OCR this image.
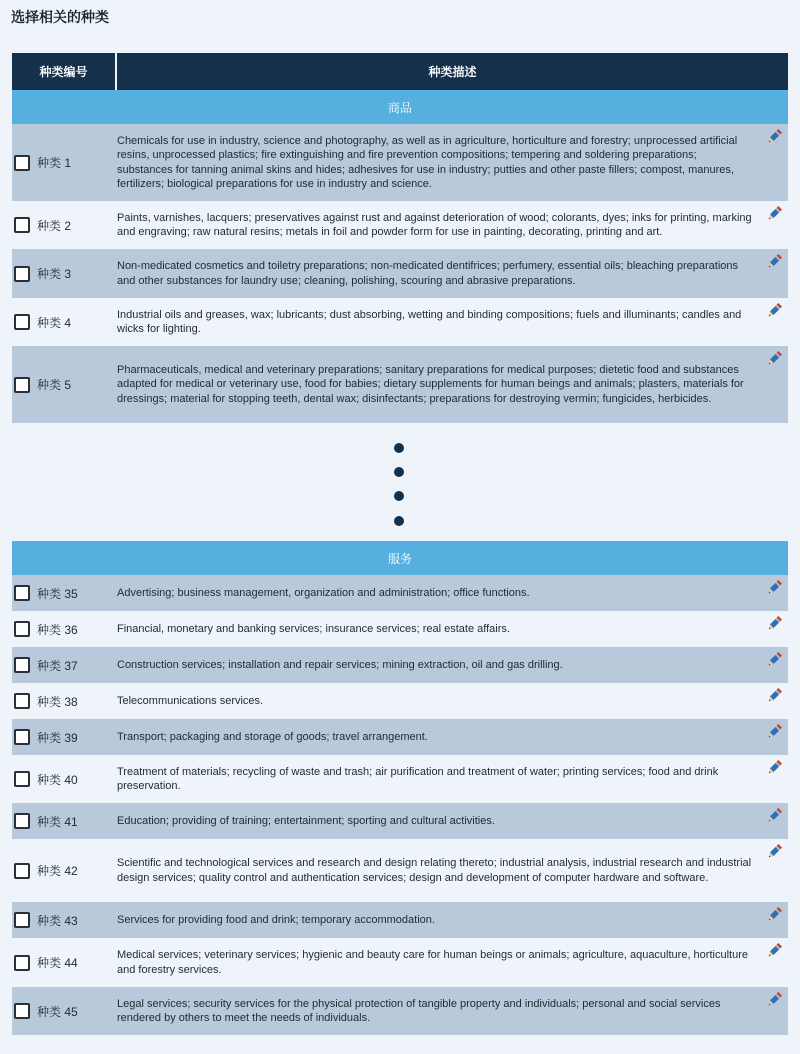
选择相关的种类
种类编号	种类描述
商品
种类 1
Chemicals for use in industry, science and photography, as well as in agriculture, horticulture and forestry; unprocessed artificial resins, unprocessed plastics; fire extinguishing and fire prevention compositions; tempering and soldering preparations; substances for tanning animal skins and hides; adhesives for use in industry; putties and other paste fillers; compost, manures, fertilizers; biological preparations for use in industry and science.
种类 2
Paints, varnishes, lacquers; preservatives against rust and against deterioration of wood; colorants, dyes; inks for printing, marking and engraving; raw natural resins; metals in foil and powder form for use in painting, decorating, printing and art.
种类 3
Non-medicated cosmetics and toiletry preparations; non-medicated dentifrices; perfumery, essential oils; bleaching preparations and other substances for laundry use; cleaning, polishing, scouring and abrasive preparations.
种类 4
Industrial oils and greases, wax; lubricants; dust absorbing, wetting and binding compositions; fuels and illuminants; candles and wicks for lighting.
种类 5
Pharmaceuticals, medical and veterinary preparations; sanitary preparations for medical purposes; dietetic food and substances adapted for medical or veterinary use, food for babies; dietary supplements for human beings and animals; plasters, materials for dressings; material for stopping teeth, dental wax; disinfectants; preparations for destroying vermin; fungicides, herbicides.
服务
种类 35	Advertising; business management, organization and administration; office functions.
种类 36	Financial, monetary and banking services; insurance services; real estate affairs.
种类 37	Construction services; installation and repair services; mining extraction, oil and gas drilling.
种类 38	Telecommunications services.
种类 39	Transport; packaging and storage of goods; travel arrangement.
种类 40
Treatment of materials; recycling of waste and trash; air purification and treatment of water; printing services; food and drink preservation.
种类 41	Education; providing of training; entertainment; sporting and cultural activities.
种类 42
Scientific and technological services and research and design relating thereto; industrial analysis, industrial research and industrial design services; quality control and authentication services; design and development of computer hardware and software.
种类 43	Services for providing food and drink; temporary accommodation.
种类 44
Medical services; veterinary services; hygienic and beauty care for human beings or animals; agriculture, aquaculture, horticulture and forestry services.
种类 45
Legal services; security services for the physical protection of tangible property and individuals; personal and social services rendered by others to meet the needs of individuals.
